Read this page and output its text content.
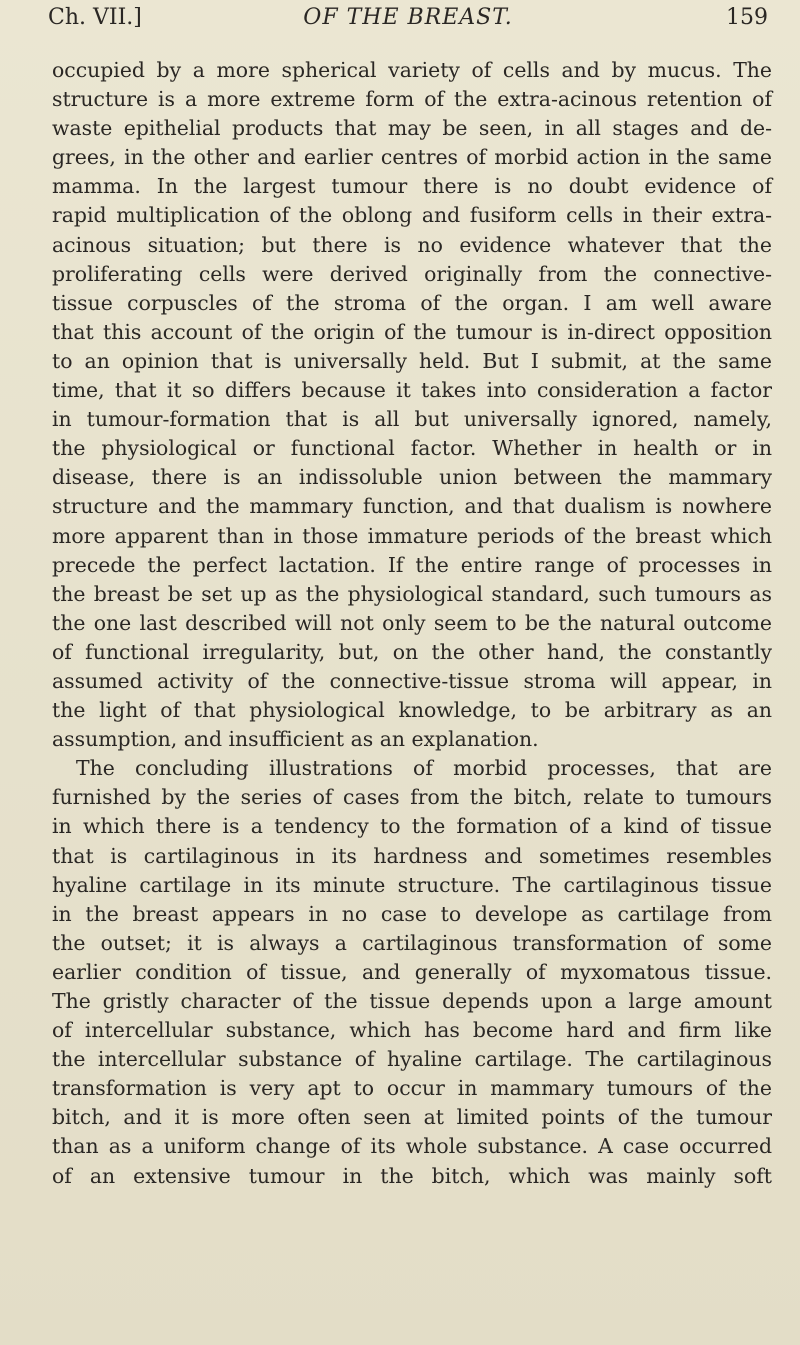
Ch. VII.]	OF THE BREAST.	159
occupied by a more spherical variety of cells and by mucus. The
structure is a more extreme form of the extra-acinous retention of
waste epithelial products that may be seen, in all stages and de-
grees, in the other and earlier centres of morbid action in the same
mamma. In the largest tumour there is no doubt evidence of
rapid multiplication of the oblong and fusiform cells in their extra-
acinous situation; but there is no evidence whatever that the
proliferating cells were derived originally from the connective-
tissue corpuscles of the stroma of the organ. I am well aware
that this account of the origin of the tumour is in-direct opposition
to an opinion that is universally held. But I submit, at the same
time, that it so differs because it takes into consideration a factor
in tumour-formation that is all but universally ignored, namely,
the physiological or functional factor. Whether in health or in
disease, there is an indissoluble union between the mammary
structure and the mammary function, and that dualism is nowhere
more apparent than in those immature periods of the breast which
precede the perfect lactation. If the entire range of processes in
the breast be set up as the physiological standard, such tumours as
the one last described will not only seem to be the natural outcome
of functional irregularity, but, on the other hand, the constantly
assumed activity of the connective-tissue stroma will appear, in
the light of that physiological knowledge, to be arbitrary as an
assumption, and insufficient as an explanation.
The concluding illustrations of morbid processes, that are
furnished by the series of cases from the bitch, relate to tumours
in which there is a tendency to the formation of a kind of tissue
that is cartilaginous in its hardness and sometimes resembles
hyaline cartilage in its minute structure. The cartilaginous tissue
in the breast appears in no case to develope as cartilage from
the outset; it is always a cartilaginous transformation of some
earlier condition of tissue, and generally of myxomatous tissue.
The gristly character of the tissue depends upon a large amount
of intercellular substance, which has become hard and firm like
the intercellular substance of hyaline cartilage. The cartilaginous
transformation is very apt to occur in mammary tumours of the
bitch, and it is more often seen at limited points of the tumour
than as a uniform change of its whole substance. A case occurred
of an extensive tumour in the bitch, which was mainly soft
